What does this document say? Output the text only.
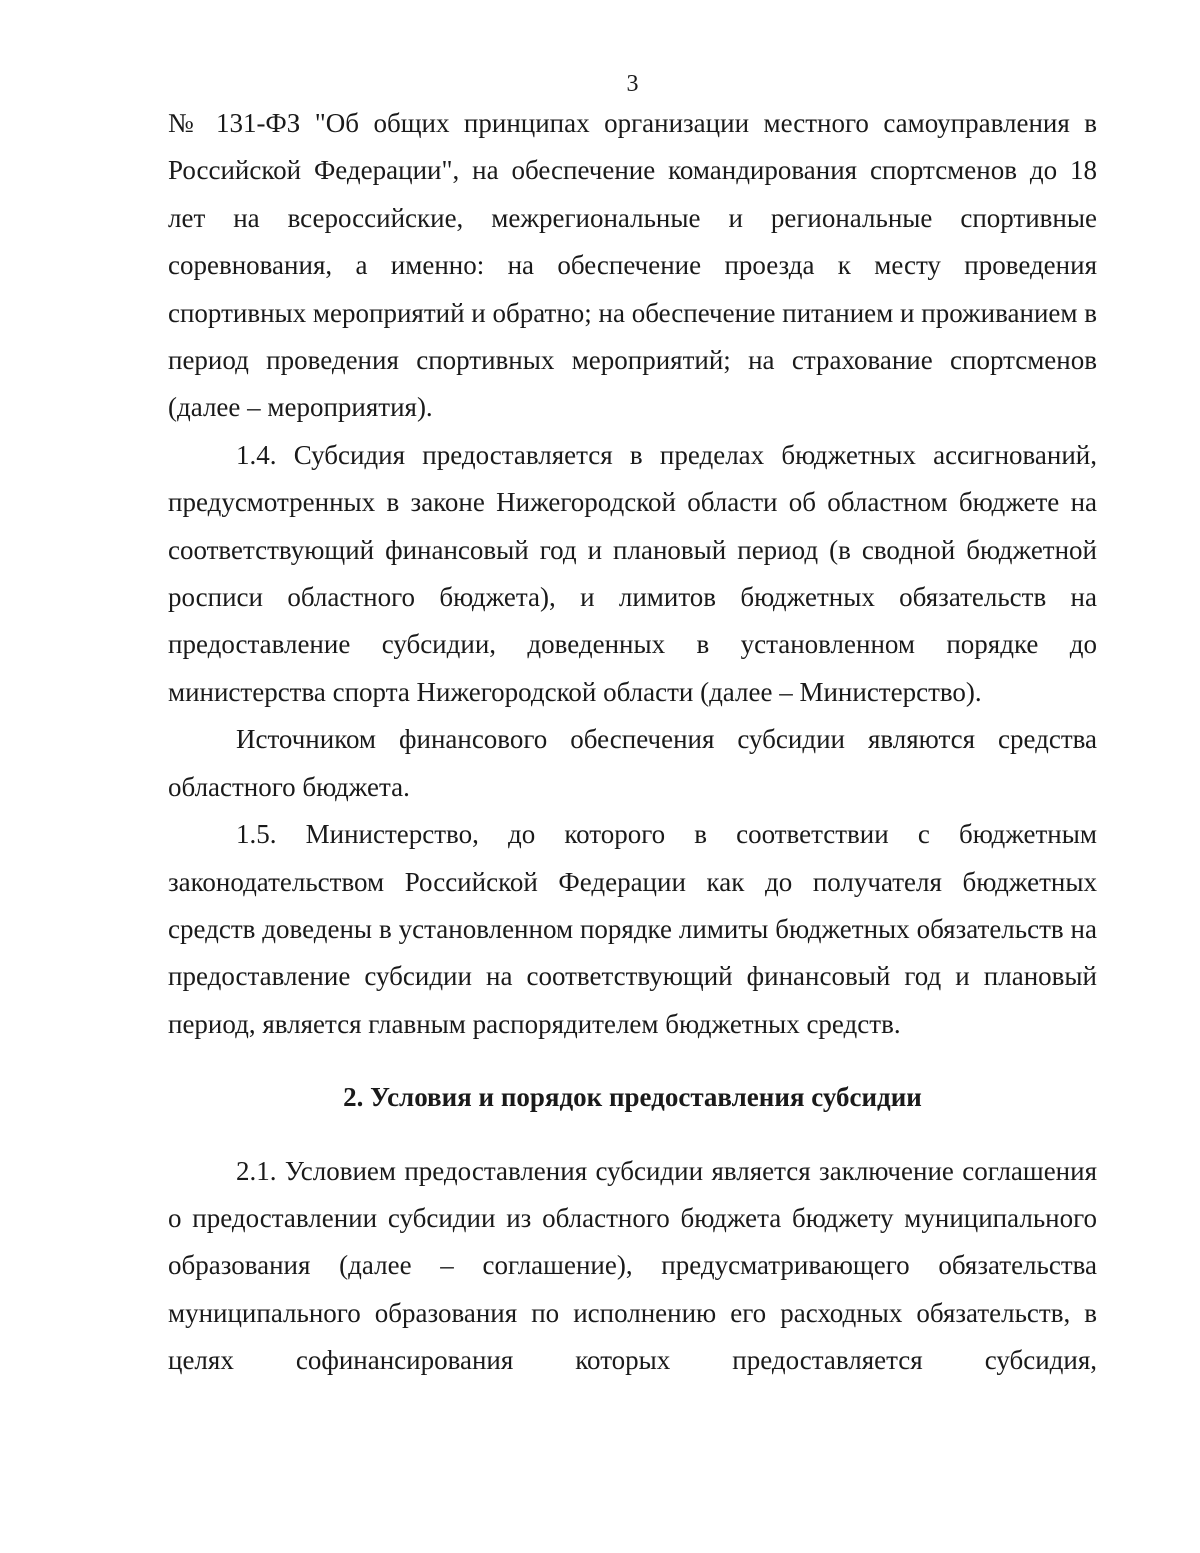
3

№ 131-ФЗ "Об общих принципах организации местного самоуправления в Российской Федерации", на обеспечение командирования спортсменов до 18 лет на всероссийские, межрегиональные и региональные спортивные соревнования, а именно: на обеспечение проезда к месту проведения спортивных мероприятий и обратно; на обеспечение питанием и проживанием в период проведения спортивных мероприятий; на страхование спортсменов (далее – мероприятия).

1.4. Субсидия предоставляется в пределах бюджетных ассигнований, предусмотренных в законе Нижегородской области об областном бюджете на соответствующий финансовый год и плановый период (в сводной бюджетной росписи областного бюджета), и лимитов бюджетных обязательств на предоставление субсидии, доведенных в установленном порядке до министерства спорта Нижегородской области (далее – Министерство).

Источником финансового обеспечения субсидии являются средства областного бюджета.

1.5. Министерство, до которого в соответствии с бюджетным законодательством Российской Федерации как до получателя бюджетных средств доведены в установленном порядке лимиты бюджетных обязательств на предоставление субсидии на соответствующий финансовый год и плановый период, является главным распорядителем бюджетных средств.

2. Условия и порядок предоставления субсидии

2.1. Условием предоставления субсидии является заключение соглашения о предоставлении субсидии из областного бюджета бюджету муниципального образования (далее – соглашение), предусматривающего обязательства муниципального образования по исполнению его расходных обязательств, в целях софинансирования которых предоставляется субсидия,
